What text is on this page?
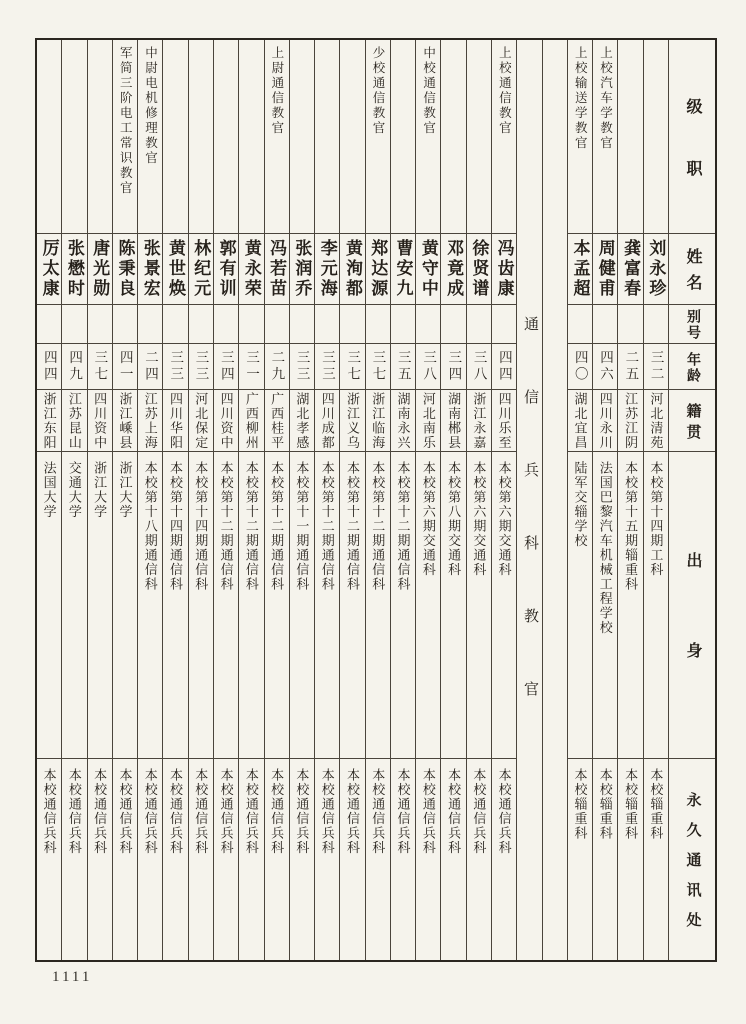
级职
姓名
别号
年龄
籍贯
出身
永久通讯处
刘永珍
三二
河北清苑
本校第十四期工科
本校辎重科
龚富春
二五
江苏江阴
本校第十五期辎重科
本校辎重科
上校汽车学教官
周健甫
四六
四川永川
法国巴黎汽车机械工程学校
本校辎重科
上校输送学教官
本孟超
四〇
湖北宜昌
陆军交辎学校
本校辎重科
通信兵科教官
上校通信教官
冯齿康
四四
四川乐至
本校第六期交通科
本校通信兵科
徐贤谱
三八
浙江永嘉
本校第六期交通科
本校通信兵科
邓竟成
三四
湖南郴县
本校第八期交通科
本校通信兵科
中校通信教官
黄守中
三八
河北南乐
本校第六期交通科
本校通信兵科
曹安九
三五
湖南永兴
本校第十二期通信科
本校通信兵科
少校通信教官
郑达源
三七
浙江临海
本校第十二期通信科
本校通信兵科
黄洵都
三七
浙江义乌
本校第十二期通信科
本校通信兵科
李元海
三三
四川成都
本校第十二期通信科
本校通信兵科
张润乔
三三
湖北孝感
本校第十一期通信科
本校通信兵科
上尉通信教官
冯若苗
二九
广西桂平
本校第十二期通信科
本校通信兵科
黄永荣
三一
广西柳州
本校第十二期通信科
本校通信兵科
郭有训
三四
四川资中
本校第十二期通信科
本校通信兵科
林纪元
三三
河北保定
本校第十四期通信科
本校通信兵科
黄世焕
三三
四川华阳
本校第十四期通信科
本校通信兵科
中尉电机修理教官
张景宏
二四
江苏上海
本校第十八期通信科
本校通信兵科
军简三阶电工常识教官
陈秉良
四一
浙江嵊县
浙江大学
本校通信兵科
唐光勋
三七
四川资中
浙江大学
本校通信兵科
张懋时
四九
江苏昆山
交通大学
本校通信兵科
厉太康
四四
浙江东阳
法国大学
本校通信兵科
1111
